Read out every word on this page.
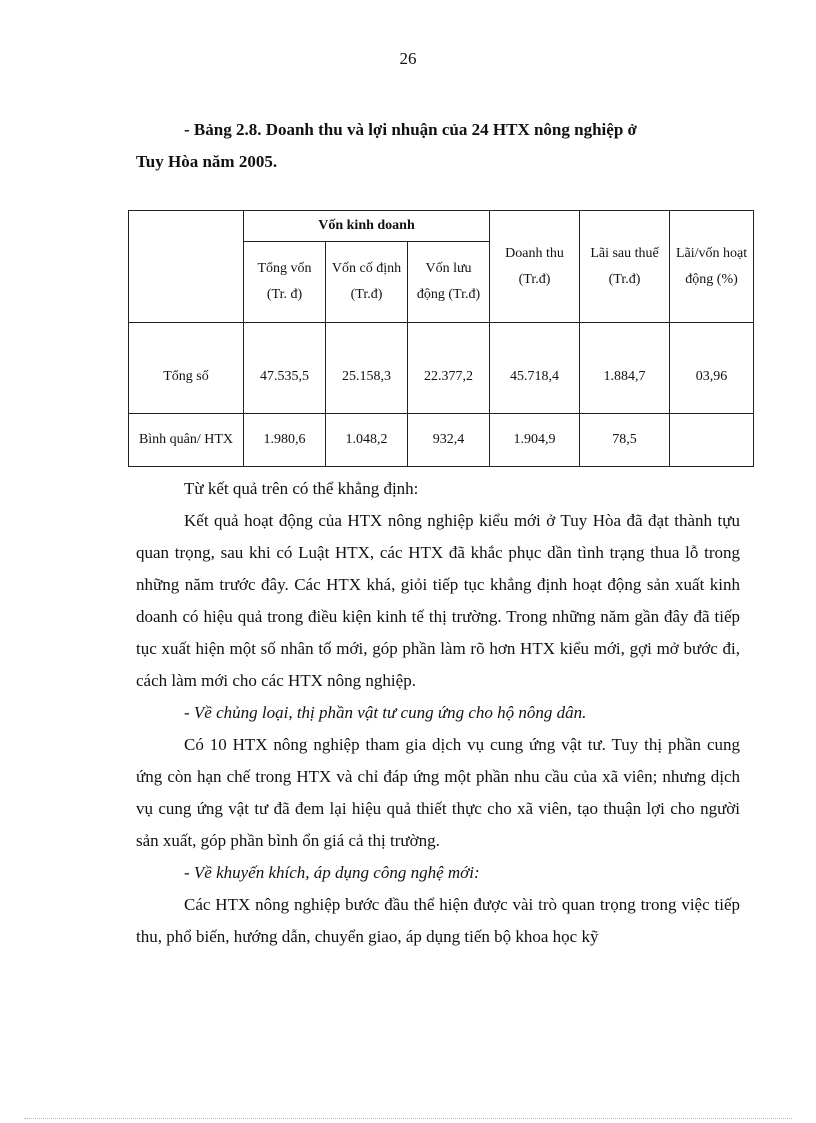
26
- Bảng 2.8. Doanh thu và lợi nhuận của 24 HTX nông nghiệp ở
Tuy Hòa năm 2005.
	Vốn kinh doanh			Doanh thu (Tr.đ)	Lãi sau thuế (Tr.đ)	Lãi/vốn hoạt động (%)
	Tổng vốn (Tr. đ)	Vốn cố định (Tr.đ)	Vốn lưu động (Tr.đ)			
Tổng số	47.535,5	25.158,3	22.377,2	45.718,4	1.884,7	03,96
Bình quân/ HTX	1.980,6	1.048,2	932,4	1.904,9	78,5	

Từ kết quả trên có thể khẳng định:

Kết quả hoạt động của HTX nông nghiệp kiểu mới ở Tuy Hòa đã đạt thành tựu quan trọng, sau khi có Luật HTX, các HTX đã khắc phục dần tình trạng thua lỗ trong những năm trước đây. Các HTX khá, giỏi tiếp tục khẳng định hoạt động sản xuất kinh doanh có hiệu quả trong điều kiện kinh tế thị trường. Trong những năm gần đây đã tiếp tục xuất hiện một số nhân tố mới, góp phần làm rõ hơn HTX kiểu mới, gợi mở bước đi, cách làm mới cho các HTX nông nghiệp.

- Về chủng loại, thị phần vật tư cung ứng cho hộ nông dân.

Có 10 HTX nông nghiệp tham gia dịch vụ cung ứng vật tư. Tuy thị phần cung ứng còn hạn chế trong HTX và chỉ đáp ứng một phần nhu cầu của xã viên; nhưng dịch vụ cung ứng vật tư đã đem lại hiệu quả thiết thực cho xã viên, tạo thuận lợi cho người sản xuất, góp phần bình ổn giá cả thị trường.

- Về khuyến khích, áp dụng công nghệ mới:

Các HTX nông nghiệp bước đầu thể hiện được vài trò quan trọng trong việc tiếp thu, phổ biến, hướng dẫn, chuyển giao, áp dụng tiến bộ khoa học kỹ
